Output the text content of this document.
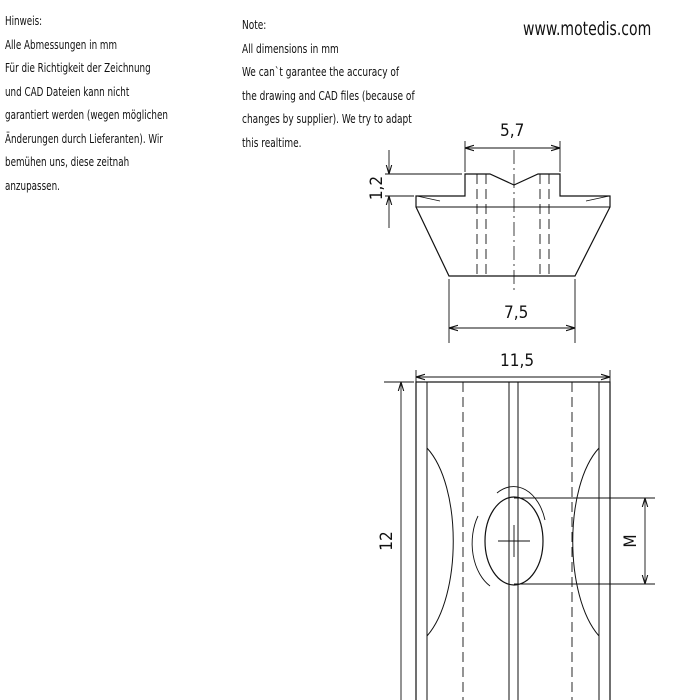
Hinweis:
Alle Abmessungen in mm
Für die Richtigkeit der Zeichnung
und CAD Dateien kann nicht
garantiert werden (wegen möglichen
Änderungen durch Lieferanten). Wir
bemühen uns, diese zeitnah
anzupassen.
Note:
All dimensions in mm
We can`t garantee the accuracy of
the drawing and CAD files (because of
changes by supplier). We try to adapt
this realtime.
www.motedis.com
5,7
1,2
7,5
11,5
12	M
